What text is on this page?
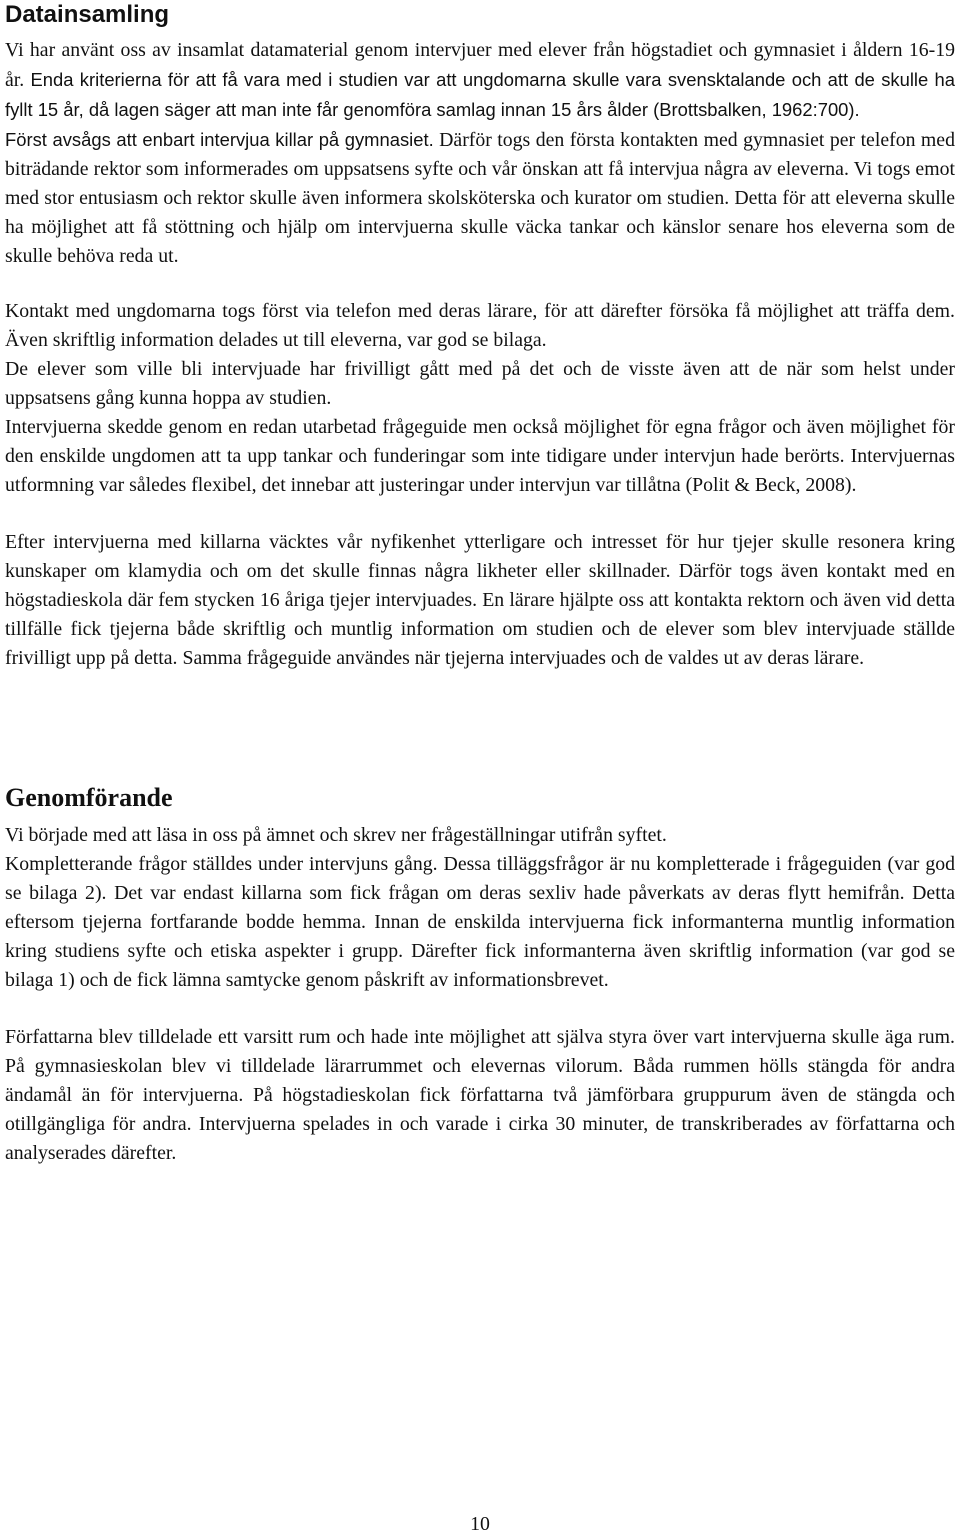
Datainsamling

Vi har använt oss av insamlat datamaterial genom intervjuer med elever från högstadiet och gymnasiet i åldern 16-19 år. Enda kriterierna för att få vara med i studien var att ungdomarna skulle vara svensktalande och att de skulle ha fyllt 15 år, då lagen säger att man inte får genomföra samlag innan 15 års ålder (Brottsbalken, 1962:700).
Först avsågs att enbart intervjua killar på gymnasiet. Därför togs den första kontakten med gymnasiet per telefon med biträdande rektor som informerades om uppsatsens syfte och vår önskan att få intervjua några av eleverna. Vi togs emot med stor entusiasm och rektor skulle även informera skolsköterska och kurator om studien. Detta för att eleverna skulle ha möjlighet att få stöttning och hjälp om intervjuerna skulle väcka tankar och känslor senare hos eleverna som de skulle behöva reda ut.

Kontakt med ungdomarna togs först via telefon med deras lärare, för att därefter försöka få möjlighet att träffa dem. Även skriftlig information delades ut till eleverna, var god se bilaga.
De elever som ville bli intervjuade har frivilligt gått med på det och de visste även att de när som helst under uppsatsens gång kunna hoppa av studien.

Intervjuerna skedde genom en redan utarbetad frågeguide men också möjlighet för egna frågor och även möjlighet för den enskilde ungdomen att ta upp tankar och funderingar som inte tidigare under intervjun hade berörts. Intervjuernas utformning var således flexibel, det innebar att justeringar under intervjun var tillåtna (Polit & Beck, 2008).

Efter intervjuerna med killarna väcktes vår nyfikenhet ytterligare och intresset för hur tjejer skulle resonera kring kunskaper om klamydia och om det skulle finnas några likheter eller skillnader. Därför togs även kontakt med en högstadieskola där fem stycken 16 åriga tjejer intervjuades. En lärare hjälpte oss att kontakta rektorn och även vid detta tillfälle fick tjejerna både skriftlig och muntlig information om studien och de elever som blev intervjuade ställde frivilligt upp på detta. Samma frågeguide användes när tjejerna intervjuades och de valdes ut av deras lärare.

Genomförande

Vi började med att läsa in oss på ämnet och skrev ner frågeställningar utifrån syftet.

Kompletterande frågor ställdes under intervjuns gång. Dessa tilläggsfrågor är nu kompletterade i frågeguiden (var god se bilaga 2). Det var endast killarna som fick frågan om deras sexliv hade påverkats av deras flytt hemifrån. Detta eftersom tjejerna fortfarande bodde hemma. Innan de enskilda intervjuerna fick informanterna muntlig information kring studiens syfte och etiska aspekter i grupp. Därefter fick informanterna även skriftlig information (var god se bilaga 1) och de fick lämna samtycke genom påskrift av informationsbrevet.

Författarna blev tilldelade ett varsitt rum och hade inte möjlighet att själva styra över vart intervjuerna skulle äga rum. På gymnasieskolan blev vi tilldelade lärarrummet och elevernas vilorum. Båda rummen hölls stängda för andra ändamål än för intervjuerna. På högstadieskolan fick författarna två jämförbara gruppurum även de stängda och otillgängliga för andra. Intervjuerna spelades in och varade i cirka 30 minuter, de transkriberades av författarna och analyserades därefter.

10
